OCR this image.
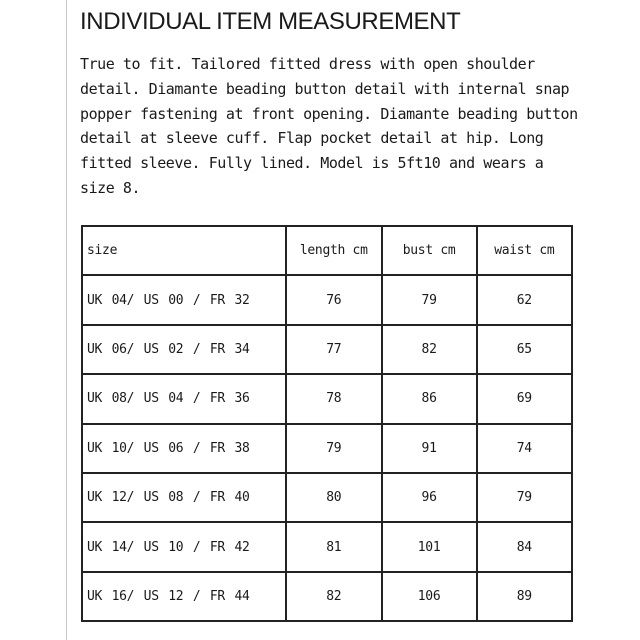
INDIVIDUAL ITEM MEASUREMENT

True to fit. Tailored fitted dress with open shoulder detail. Diamante beading button detail with internal snap popper fastening at front opening. Diamante beading button detail at sleeve cuff. Flap pocket detail at hip. Long fitted sleeve. Fully lined. Model is 5ft10 and wears a size 8.

size	length cm	bust cm	waist cm
UK 04/ US 00 / FR 32	76	79	62
UK 06/ US 02 / FR 34	77	82	65
UK 08/ US 04 / FR 36	78	86	69
UK 10/ US 06 / FR 38	79	91	74
UK 12/ US 08 / FR 40	80	96	79
UK 14/ US 10 / FR 42	81	101	84
UK 16/ US 12 / FR 44	82	106	89
